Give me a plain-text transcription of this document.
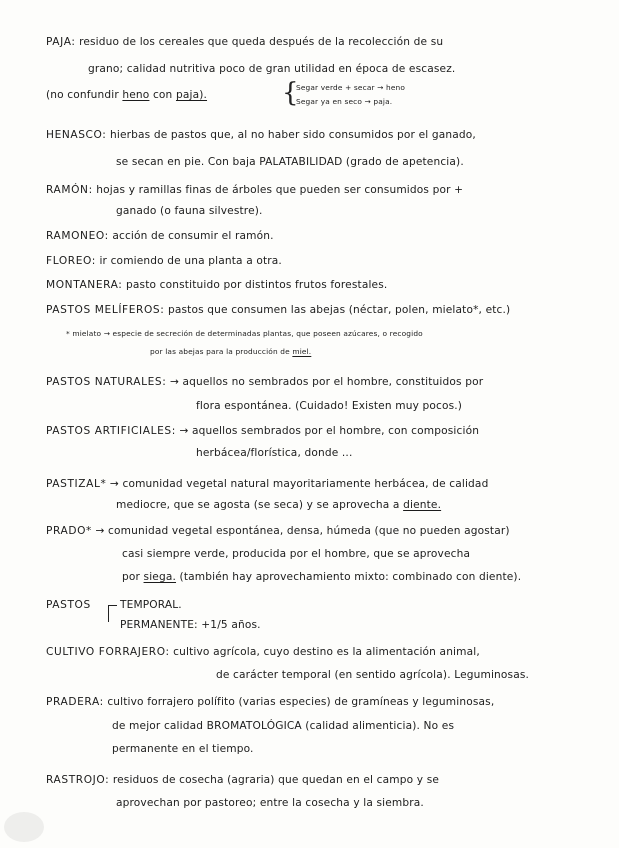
PAJA: residuo de los cereales que queda después de la recolección de su
grano; calidad nutritiva poco de gran utilidad en época de escasez.
(no confundir heno con paja).	{
Segar verde + secar → heno
Segar ya en seco → paja.
HENASCO: hierbas de pastos que, al no haber sido consumidos por el ganado,
se secan en pie. Con baja PALATABILIDAD (grado de apetencia).
RAMÓN: hojas y ramillas finas de árboles que pueden ser consumidos por +
ganado (o fauna silvestre).
RAMONEO: acción de consumir el ramón.
FLOREO: ir comiendo de una planta a otra.
MONTANERA: pasto constituido por distintos frutos forestales.
PASTOS MELÍFEROS: pastos que consumen las abejas (néctar, polen, mielato*, etc.)
* mielato → especie de secreción de determinadas plantas, que poseen azúcares, o recogido
por las abejas para la producción de miel.
PASTOS NATURALES: → aquellos no sembrados por el hombre, constituidos por
flora espontánea. (Cuidado! Existen muy pocos.)
PASTOS ARTIFICIALES: → aquellos sembrados por el hombre, con composición
herbácea/florística, donde ...
PASTIZAL* → comunidad vegetal natural mayoritariamente herbácea, de calidad
mediocre, que se agosta (se seca) y se aprovecha a diente.
PRADO* → comunidad vegetal espontánea, densa, húmeda (que no pueden agostar)
casi siempre verde, producida por el hombre, que se aprovecha
por siega. (también hay aprovechamiento mixto: combinado con diente).
PASTOS	TEMPORAL.
PERMANENTE: +1/5 años.
CULTIVO FORRAJERO: cultivo agrícola, cuyo destino es la alimentación animal,
de carácter temporal (en sentido agrícola). Leguminosas.
PRADERA: cultivo forrajero polífito (varias especies) de gramíneas y leguminosas,
de mejor calidad BROMATOLÓGICA (calidad alimenticia). No es
permanente en el tiempo.
RASTROJO: residuos de cosecha (agraria) que quedan en el campo y se
aprovechan por pastoreo; entre la cosecha y la siembra.
